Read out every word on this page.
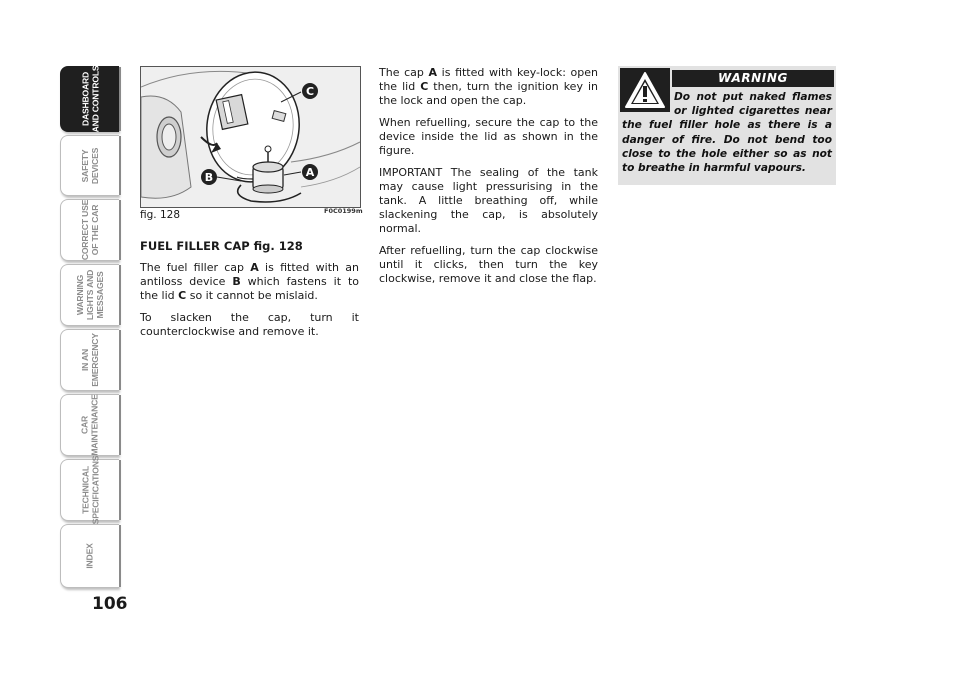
DASHBOARD AND CONTROLS
SAFETY DEVICES
CORRECT USE OF THE CAR
WARNING LIGHTS AND MESSAGES
IN AN EMERGENCY
CAR MAINTENANCE
TECHNICAL SPECIFICATIONS
INDEX
106
C
A
B
fig. 128	F0C0199m
FUEL FILLER CAP fig. 128

The fuel filler cap A is fitted with an antiloss device B which fastens it to the lid C so it cannot be mislaid.

To slacken the cap, turn it counterclockwise and remove it.

The cap A is fitted with key-lock: open the lid C then, turn the ignition key in the lock and open the cap.

When refuelling, secure the cap to the device inside the lid as shown in the figure.

IMPORTANT The sealing of the tank may cause light pressurising in the tank. A little breathing off, while slackening the cap, is absolutely normal.

After refuelling, turn the cap clockwise until it clicks, then turn the key clockwise, remove it and close the flap.

WARNING
Do not put naked flames or lighted cigarettes near the fuel filler hole as there is a danger of fire. Do not bend too close to the hole either so as not to breathe in harmful vapours.
